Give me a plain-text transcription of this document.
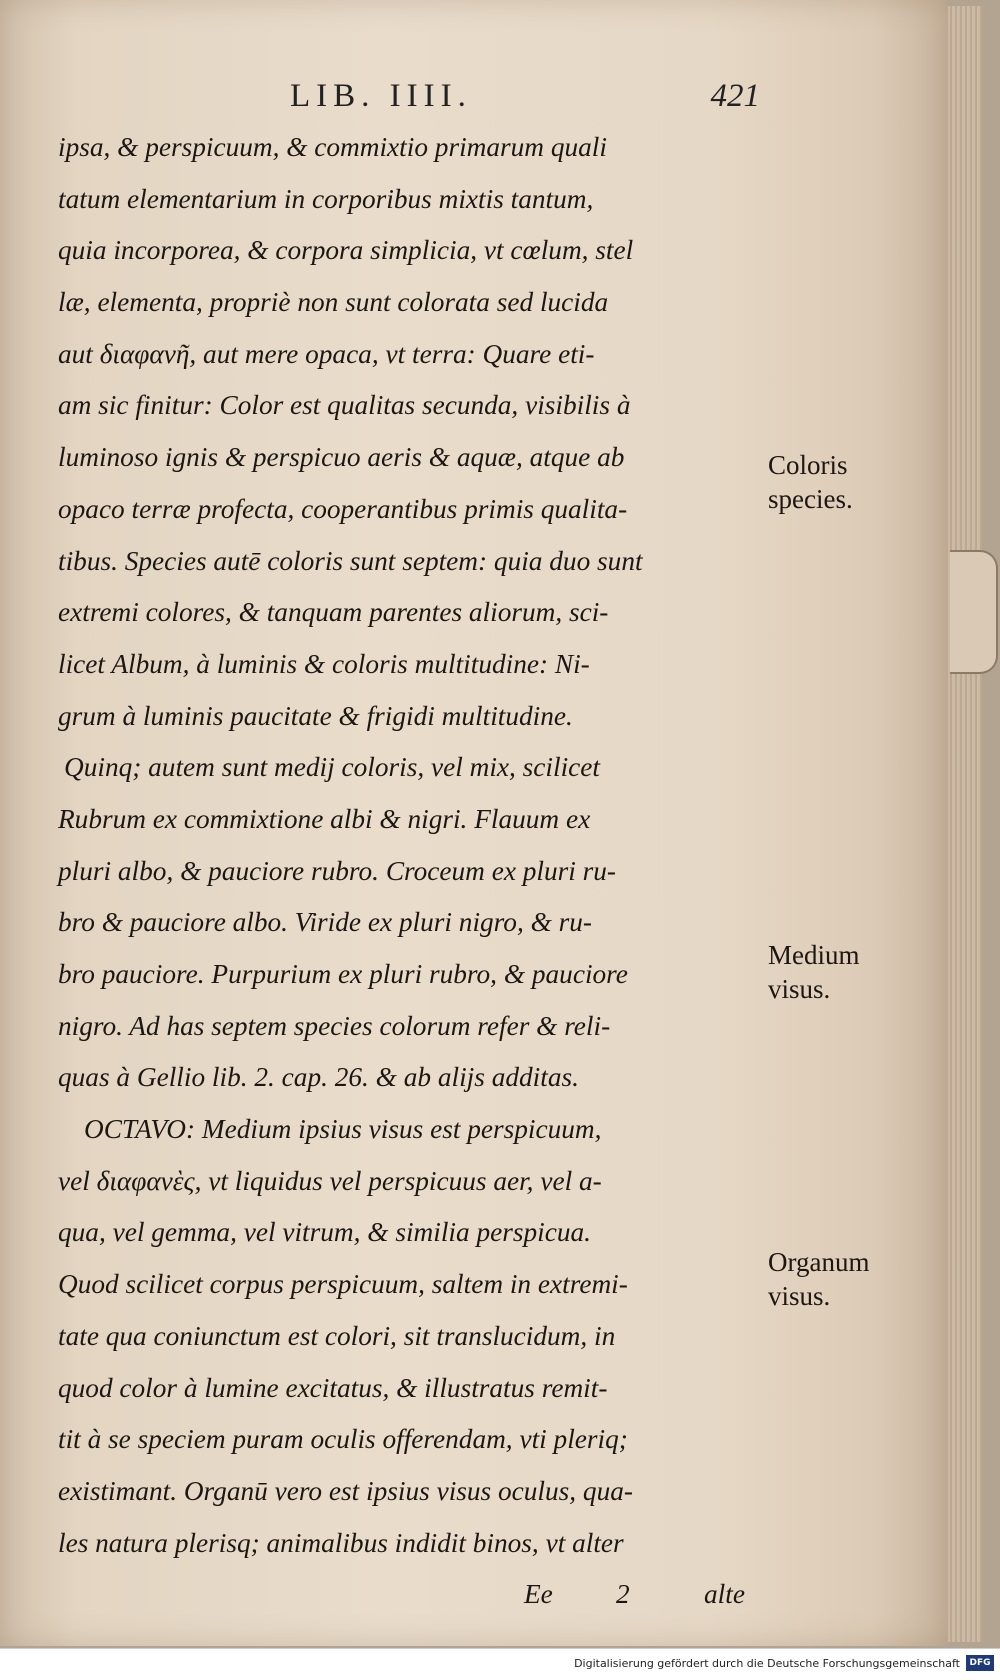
LIB. IIII.	421
ipsa, & perspicuum, & commixtio primarum quali
tatum elementarium in corporibus mixtis tantum,
quia incorporea, & corpora simplicia, vt cœlum, stel
læ, elementa, propriè non sunt colorata sed lucida
aut διαφανῆ, aut mere opaca, vt terra: Quare eti-
am sic finitur: Color est qualitas secunda, visibilis à
luminoso ignis & perspicuo aeris & aquæ, atque ab
opaco terræ profecta, cooperantibus primis qualita-
tibus. Species autē coloris sunt septem: quia duo sunt
extremi colores, & tanquam parentes aliorum, sci-
licet Album, à luminis & coloris multitudine: Ni-
grum à luminis paucitate & frigidi multitudine.
Quinq; autem sunt medij coloris, vel mix, scilicet
Rubrum ex commixtione albi & nigri. Flauum ex
pluri albo, & pauciore rubro. Croceum ex pluri ru-
bro & pauciore albo. Viride ex pluri nigro, & ru-
bro pauciore. Purpurium ex pluri rubro, & pauciore
nigro. Ad has septem species colorum refer & reli-
quas à Gellio lib. 2. cap. 26. & ab alijs additas.
OCTAVO: Medium ipsius visus est perspicuum,
vel διαφανὲς, vt liquidus vel perspicuus aer, vel a-
qua, vel gemma, vel vitrum, & similia perspicua.
Quod scilicet corpus perspicuum, saltem in extremi-
tate qua coniunctum est colori, sit translucidum, in
quod color à lumine excitatus, & illustratus remit-
tit à se speciem puram oculis offerendam, vti pleriq;
existimant. Organū vero est ipsius visus oculus, qua-
les natura plerisq; animalibus indidit binos, vt alter
Ee 2	alte
Coloris
species.
Medium
visus.
Organum
visus.
Digitalisierung gefördert durch die Deutsche Forschungsgemeinschaft	DFG
